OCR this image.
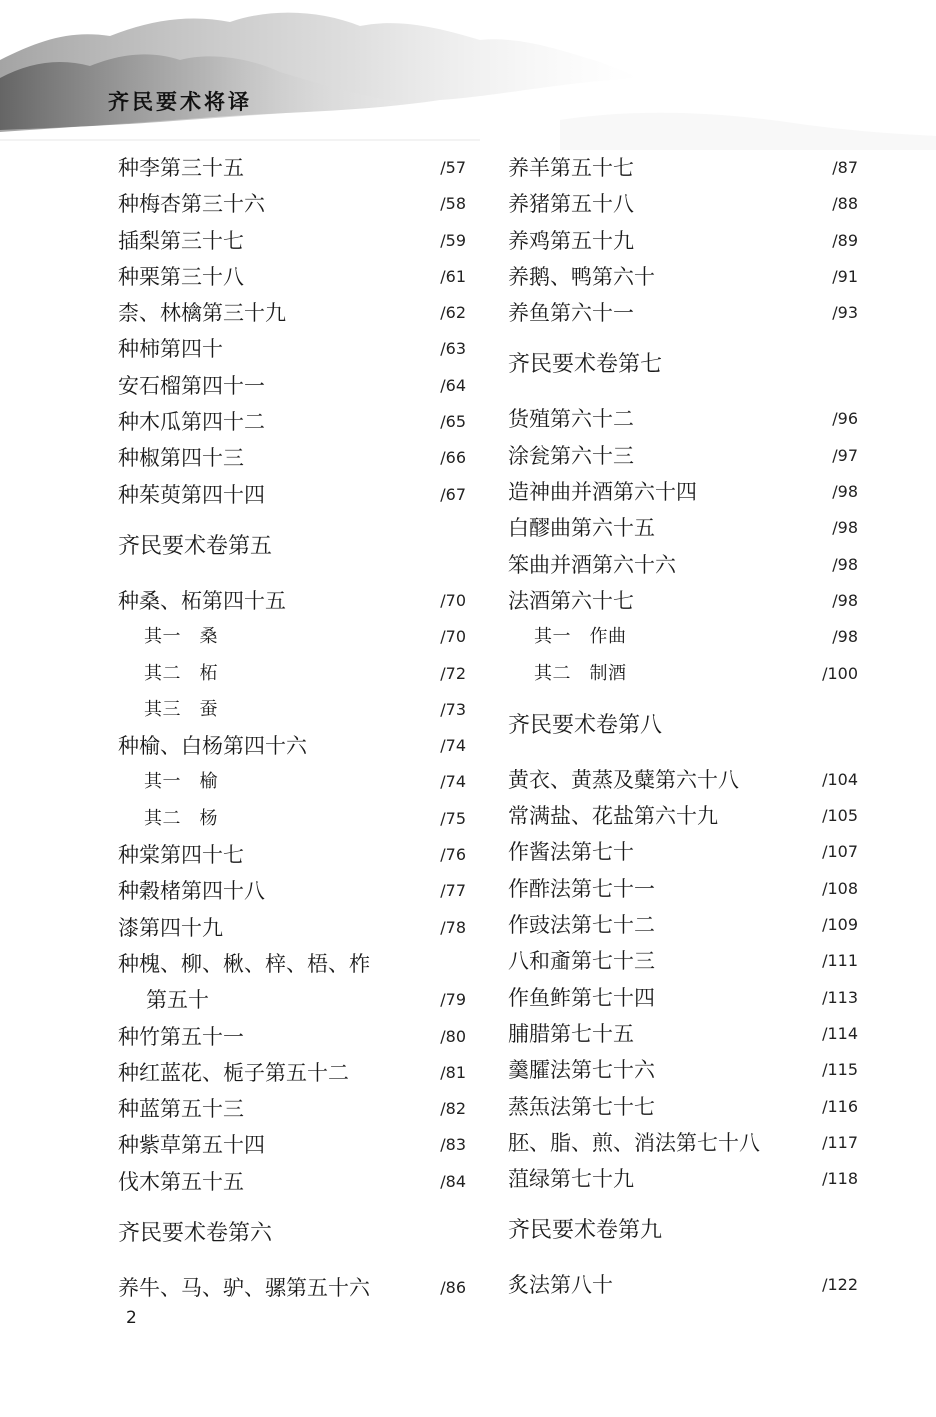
齐民要术将译
种李第三十五	/57
种梅杏第三十六	/58
插梨第三十七	/59
种栗第三十八	/61
柰、林檎第三十九	/62
种柿第四十	/63
安石榴第四十一	/64
种木瓜第四十二	/65
种椒第四十三	/66
种茱萸第四十四	/67
齐民要术卷第五
种桑、柘第四十五	/70
其一　桑	/70
其二　柘	/72
其三　蚕	/73
种榆、白杨第四十六	/74
其一　榆	/74
其二　杨	/75
种棠第四十七	/76
种穀楮第四十八	/77
漆第四十九	/78
种槐、柳、楸、梓、梧、柞
第五十	/79
种竹第五十一	/80
种红蓝花、栀子第五十二	/81
种蓝第五十三	/82
种紫草第五十四	/83
伐木第五十五	/84
齐民要术卷第六
养牛、马、驴、骡第五十六	/86
养羊第五十七	/87
养猪第五十八	/88
养鸡第五十九	/89
养鹅、鸭第六十	/91
养鱼第六十一	/93
齐民要术卷第七
货殖第六十二	/96
涂瓮第六十三	/97
造神曲并酒第六十四	/98
白醪曲第六十五	/98
笨曲并酒第六十六	/98
法酒第六十七	/98
其一　作曲	/98
其二　制酒	/100
齐民要术卷第八
黄衣、黄蒸及糵第六十八	/104
常满盐、花盐第六十九	/105
作酱法第七十	/107
作酢法第七十一	/108
作豉法第七十二	/109
八和齑第七十三	/111
作鱼鲊第七十四	/113
脯腊第七十五	/114
羹臛法第七十六	/115
蒸缹法第七十七	/116
胚、脂、煎、消法第七十八	/117
菹绿第七十九	/118
齐民要术卷第九
炙法第八十	/122
2
